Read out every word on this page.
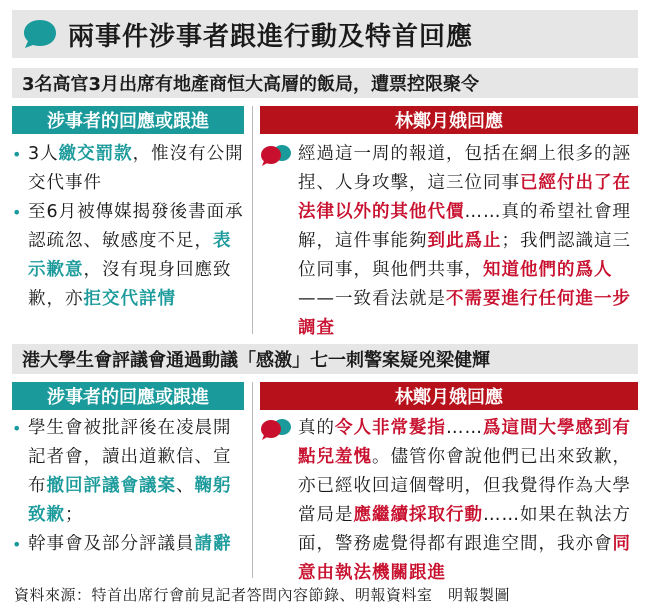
兩事件涉事者跟進行動及特首回應
3名高官3月出席有地產商恒大高層的飯局，遭票控限聚令
涉事者的回應或跟進	林鄭月娥回應
• 3人繳交罰款，惟沒有公開交代事件
• 至6月被傳媒揭發後書面承認疏忽、敏感度不足，表示歉意，沒有現身回應致歉，亦拒交代詳情
經過這一周的報道，包括在網上很多的誣捏、人身攻擊，這三位同事已經付出了在法律以外的其他代價……真的希望社會理解，這件事能夠到此爲止；我們認識這三位同事，與他們共事，知道他們的爲人——一致看法就是不需要進行任何進一步調查
港大學生會評議會通過動議「感激」七一刺警案疑兇梁健輝
涉事者的回應或跟進	林鄭月娥回應
• 學生會被批評後在凌晨開記者會，讀出道歉信、宣布撤回評議會議案、鞠躬致歉；
• 幹事會及部分評議員請辭
真的令人非常髮指……爲這間大學感到有點兒羞愧。儘管你會說他們已出來致歉，亦已經收回這個聲明，但我覺得作為大學當局是應繼續採取行動……如果在執法方面，警務處覺得都有跟進空間，我亦會同意由執法機關跟進
資料來源：特首出席行會前見記者答問內容節錄、明報資料室　明報製圖
